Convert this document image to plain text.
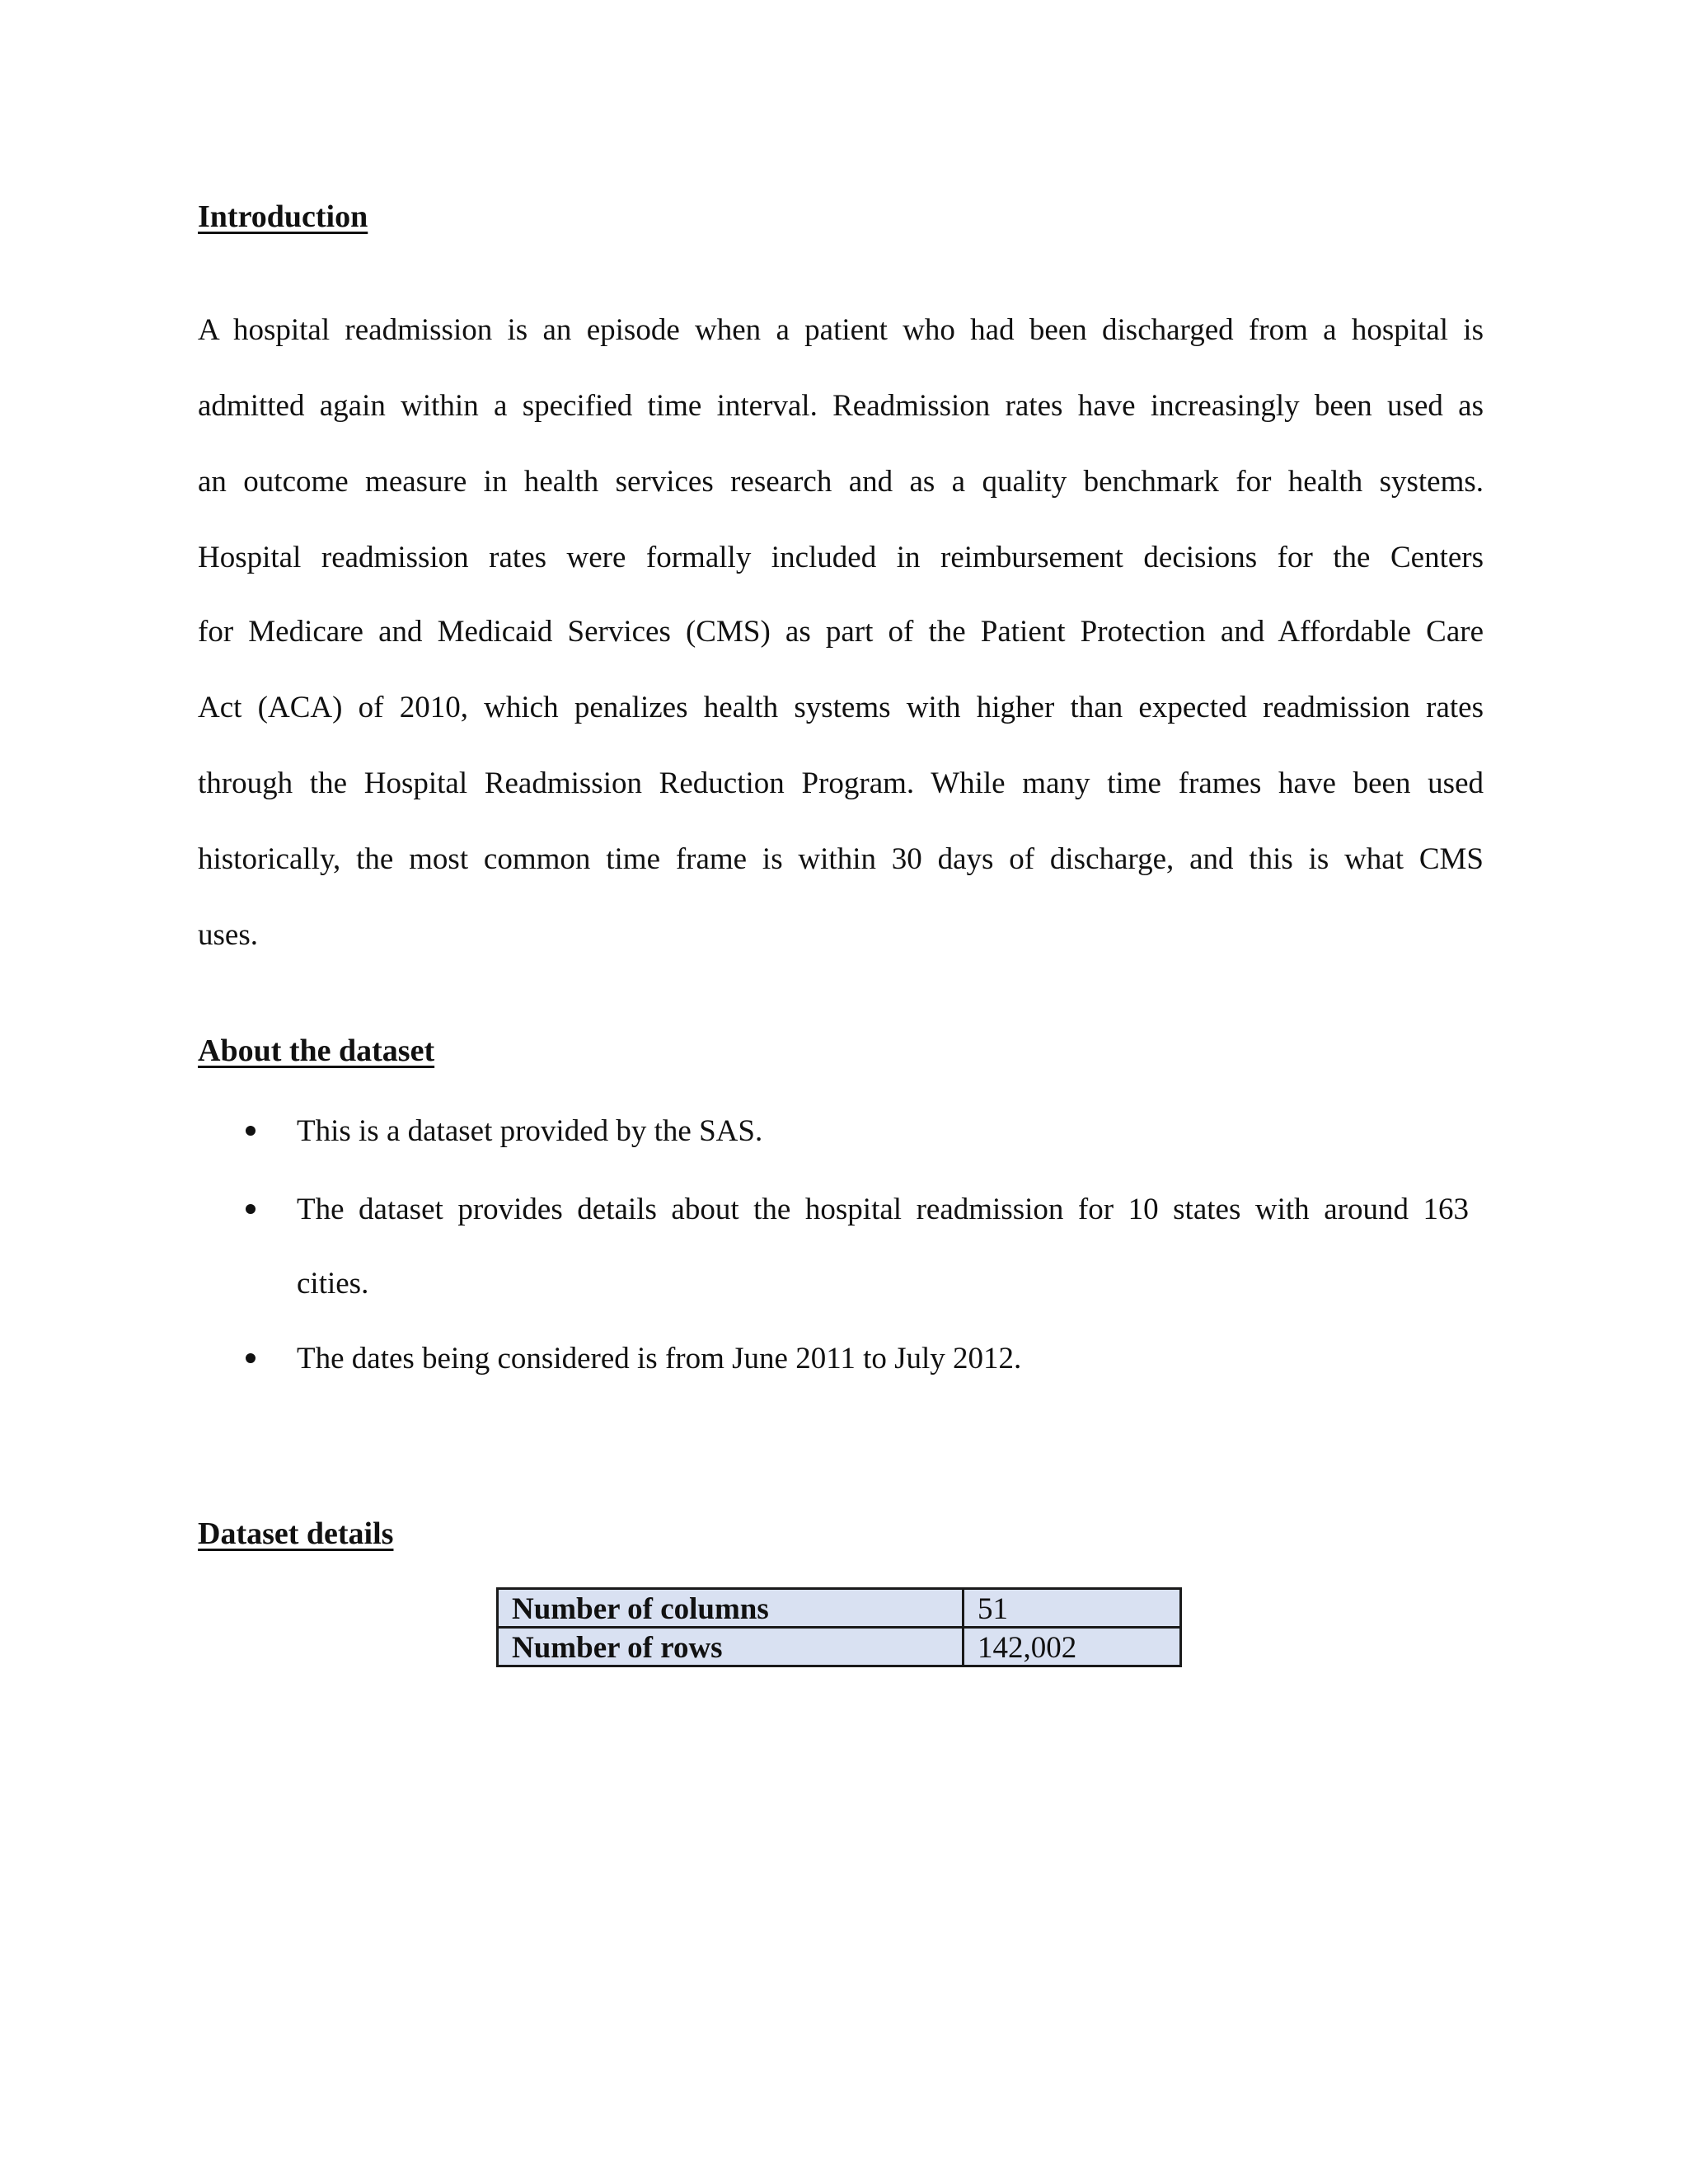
Introduction

A hospital readmission is an episode when a patient who had been discharged from a hospital is

admitted again within a specified time interval. Readmission rates have increasingly been used as

an outcome measure in health services research and as a quality benchmark for health systems.

Hospital readmission rates were formally included in reimbursement decisions for the Centers

for Medicare and Medicaid Services (CMS) as part of the Patient Protection and Affordable Care

Act (ACA) of 2010, which penalizes health systems with higher than expected readmission rates

through the Hospital Readmission Reduction Program. While many time frames have been used

historically, the most common time frame is within 30 days of discharge, and this is what CMS

uses.

About the dataset

This is a dataset provided by the SAS.

The dataset provides details about the hospital readmission for 10 states with around 163

cities.

The dates being considered is from June 2011 to July 2012.

Dataset details
Number of columns	51
Number of rows	142,002
